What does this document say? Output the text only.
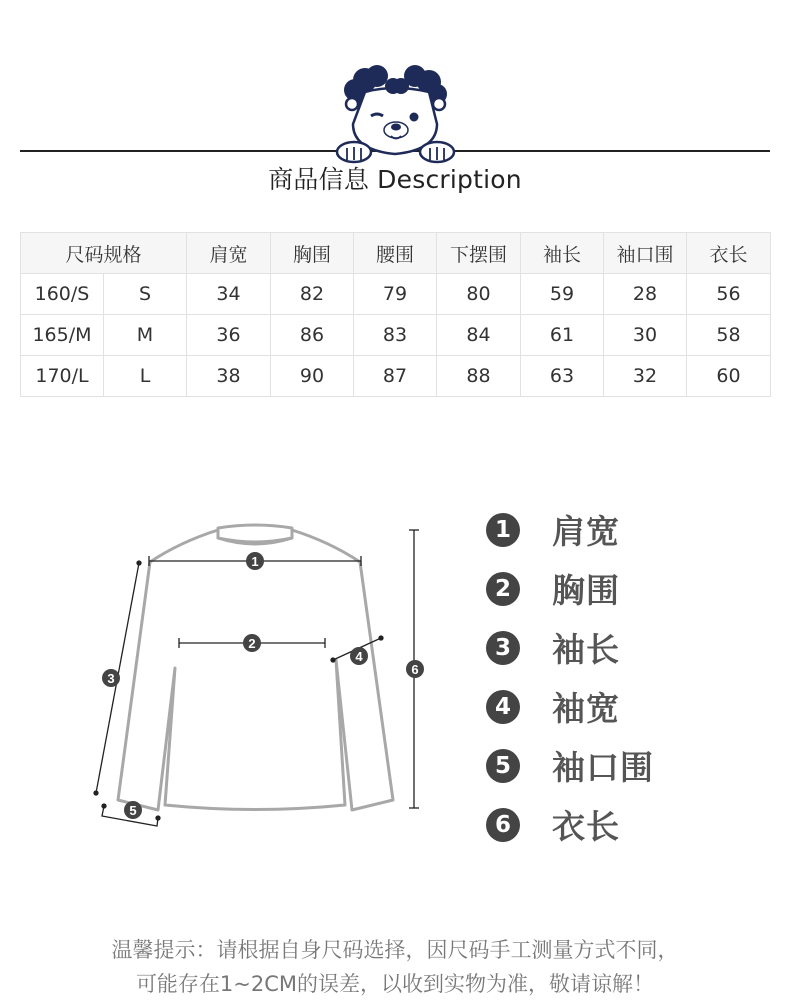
商品信息 Description
尺码规格		肩宽	胸围	腰围	下摆围	袖长	袖口围	衣长
160/S	S	34	82	79	80	59	28	56
165/M	M	36	86	83	84	61	30	58
170/L	L	38	90	87	88	63	32	60
1
2
3
4
5
6
1 肩宽
2 胸围
3 袖长
4 袖宽
5 袖口围
6 衣长
温馨提示：请根据自身尺码选择，因尺码手工测量方式不同，
可能存在1~2CM的误差，以收到实物为准，敬请谅解！
